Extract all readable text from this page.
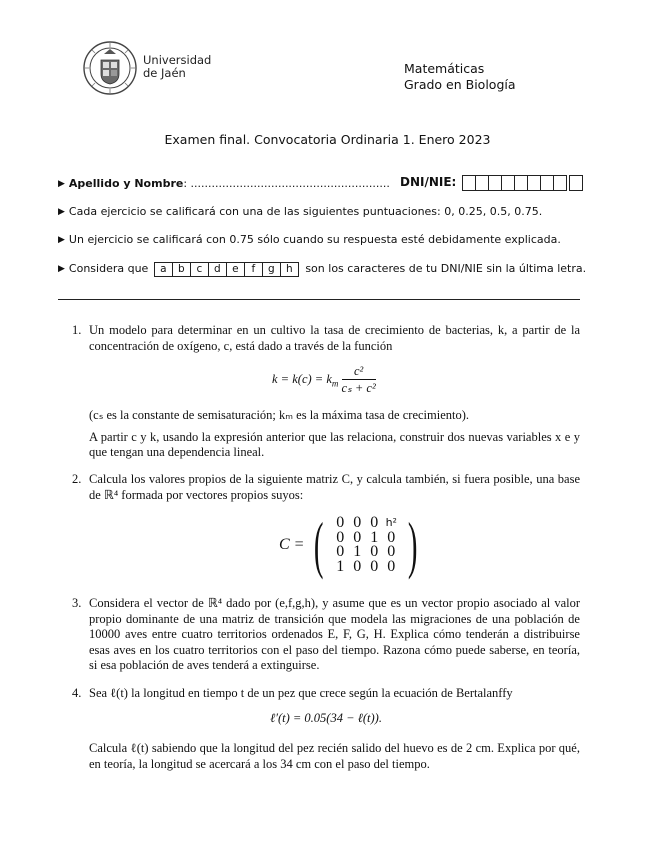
Universidad
de Jaén	Matemáticas
Grado en Biología
Examen final. Convocatoria Ordinaria 1. Enero 2023
▶ Apellido y Nombre: ......................................................... DNI/NIE:
▶ Cada ejercicio se calificará con una de las siguientes puntuaciones: 0, 0.25, 0.5, 0.75.
▶ Un ejercicio se calificará con 0.75 sólo cuando su respuesta esté debidamente explicada.
▶ Considera que a b c d e f g h son los caracteres de tu DNI/NIE sin la última letra.
1. Un modelo para determinar en un cultivo la tasa de crecimiento de bacterias, k, a partir de la concentración de oxígeno, c, está dado a través de la función
$k = k(c) = k_m \frac{\text{c²}}{\text{cₛ + c²}}$
(cₛ es la constante de semisaturación; kₘ es la máxima tasa de crecimiento).
A partir c y k, usando la expresión anterior que las relaciona, construir dos nuevas variables x e y que tengan una dependencia lineal.
2. Calcula los valores propios de la siguiente matriz C, y calcula también, si fuera posible, una base de ℝ⁴ formada por vectores propios suyos:
C = ( 0 0 0 h²
0 0 1 0
0 1 0 0
1 0 0 0 )
3. Considera el vector de ℝ⁴ dado por (e,f,g,h), y asume que es un vector propio asociado al valor propio dominante de una matriz de transición que modela las migraciones de una población de 10000 aves entre cuatro territorios ordenados E, F, G, H. Explica cómo tenderán a distribuirse esas aves en los cuatro territorios con el paso del tiempo. Razona cómo puede saberse, en teoría, si esa población de aves tenderá a extinguirse.
4. Sea ℓ(t) la longitud en tiempo t de un pez que crece según la ecuación de Bertalanffy
ℓ′(t) = 0.05(34 − ℓ(t)).
Calcula ℓ(t) sabiendo que la longitud del pez recién salido del huevo es de 2 cm. Explica por qué, en teoría, la longitud se acercará a los 34 cm con el paso del tiempo.
